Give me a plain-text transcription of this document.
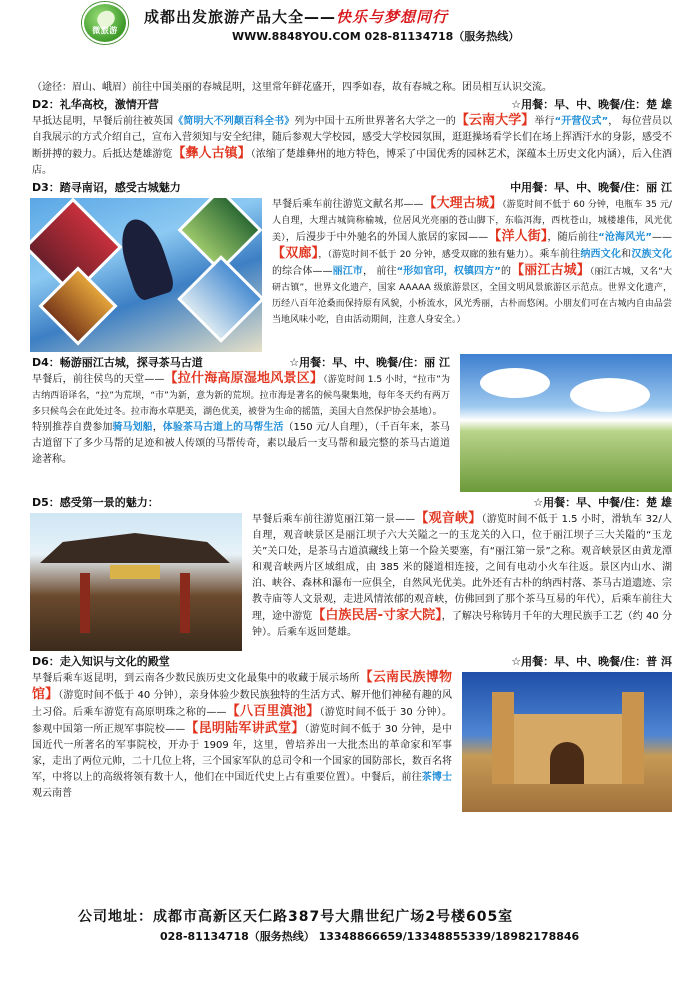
微旅游
成都出发旅游产品大全——快乐与梦想同行
WWW.8848YOU.COM 028-81134718（服务热线）

（途径：眉山、峨眉）前往中国美丽的春城昆明，这里常年鲜花盛开，四季如春，故有春城之称。团员相互认识交流。

D2：礼华高校，激情开营	☆用餐：早、中、晚餐/住：楚 雄

早抵达昆明，早餐后前往被英国《简明大不列颠百科全书》列为中国十五所世界著名大学之一的 【 云南大学 】 举行“开营仪式”， 每位营员以自我展示的方式介绍自己，宣布入营须知与安全纪律，随后参观大学校园，感受大学校园氛围，逛逛操场看学长们在场上挥洒汗水的身影，感受不断拼搏的毅力。后抵达楚雄游览 【 彝人古镇 】 （浓缩了楚雄彝州的地方特色，博采了中国优秀的园林艺术，深蕴本土历史文化内涵），后入住酒店。

D3：踏寻南诏，感受古城魅力	中用餐：早、中、晚餐/住：丽 江

早餐后乘车前往游览文献名邦—— 【 大理古城 】 （游览时间不低于 60 分钟，电瓶车 35 元/人自理，大理古城筒称榆城，位居风光亮丽的苍山脚下，东临洱海，西枕苍山，城楼雄伟，风光优美），后漫步于中外驰名的外国人旅居的家园—— 【 洋人街 】 ，随后前往“沧海风光”——【 双廊 】 ，（游览时间不低于 20 分钟，感受双廊的独有魅力）。乘车前往纳西文化和汉族文化的综合体——丽江市， 前往“形如官印，权镇四方”的 【 丽江古城 】 （丽江古城，又名“大研古镇”，世界文化遗产，国家 AAAAA 级旅游景区，全国文明风景旅游区示范点。世界文化遗产，历经八百年沧桑而保持原有风貌，小桥流水，风光秀丽，古朴而悠闲。小朋友们可在古城内自由品尝当地风味小吃，自由活动期间，注意人身安全。）

D4：畅游丽江古城，探寻茶马古道	☆用餐：早、中、晚餐/住：丽 江

早餐后，前往侯鸟的天堂—— 【 拉什海高原湿地风景区 】 （游览时间 1.5 小时，“拉市”为古纳西语译名，“拉”为荒坝，“市”为新，意为新的荒坝。拉市海是著名的候鸟聚集地，每年冬天约有两万多只候鸟会在此处过冬。拉市海水草肥美，湖色优美，被誉为生命的摇篮，美国大自然保护协会基地）。
特别推荐自费参加骑马划船，体验茶马古道上的马帮生活（150 元/人自理），（千百年来，茶马古道留下了多少马帮的足迹和被人传颂的马帮传奇，素以最后一支马帮和最完整的茶马古道道途著称。

D5：感受第一景的魅力：	☆用餐：早、中餐/住：楚 雄

早餐后乘车前往游览丽江第一景—— 【 观音峡 】 （游览时间不低于 1.5 小时，滑轨车 32/人自理，观音峡景区是丽江坝子六大关隘之一的玉龙关的入口，位于丽江坝子三大关隘的“玉龙关”关口处，是茶马古道滇藏线上第一个险关要塞，有“丽江第一景”之称。观音峡景区由黄龙潭和观音峡两片区域组成，由 385 米的隧道相连接，之间有电动小火车往返。景区内山水、湖泊、峡谷、森林和瀑布一应俱全，自然风光优美。此外还有古朴的纳西村落、茶马古道遗迹、宗教寺庙等人文景观，走进风情浓郁的观音峡，仿佛回到了那个茶马互易的年代），后乘车前往大理，途中游览 【 白族民居-寸家大院 】 ，了解决号称铸月千年的大理民族手工艺（约 40 分钟）。后乘车返回楚雄。

D6：走入知识与文化的殿堂	☆用餐：早、中、晚餐/住：普 洱

早餐后乘车返昆明，到云南各少数民族历史文化最集中的收藏于展示场所 【 云南民族博物馆 】 （游览时间不低于 40 分钟），亲身体验少数民族独特的生活方式、解开他们神秘有趣的风土习俗。后乘车游览有高原明珠之称的—— 【 八百里滇池 】 （游览时间不低于 30 分钟）。参观中国第一所正规军事院校—— 【 昆明陆军讲武堂 】 （游览时间不低于 30 分钟，是中国近代一所著名的军事院校，开办于 1909 年，这里，曾培养出一大批杰出的革命家和军事家，走出了两位元帅，二十几位上将，三个国家军队的总司令和一个国家的国防部长，数百名将军，中将以上的高级将领有数十人，他们在中国近代史上占有重要位置）。中餐后，前往茶博士观云南普

公司地址：成都市高新区天仁路387号大鼎世纪广场2号楼605室
028-81134718（服务热线） 13348866659/13348855339/18982178846
